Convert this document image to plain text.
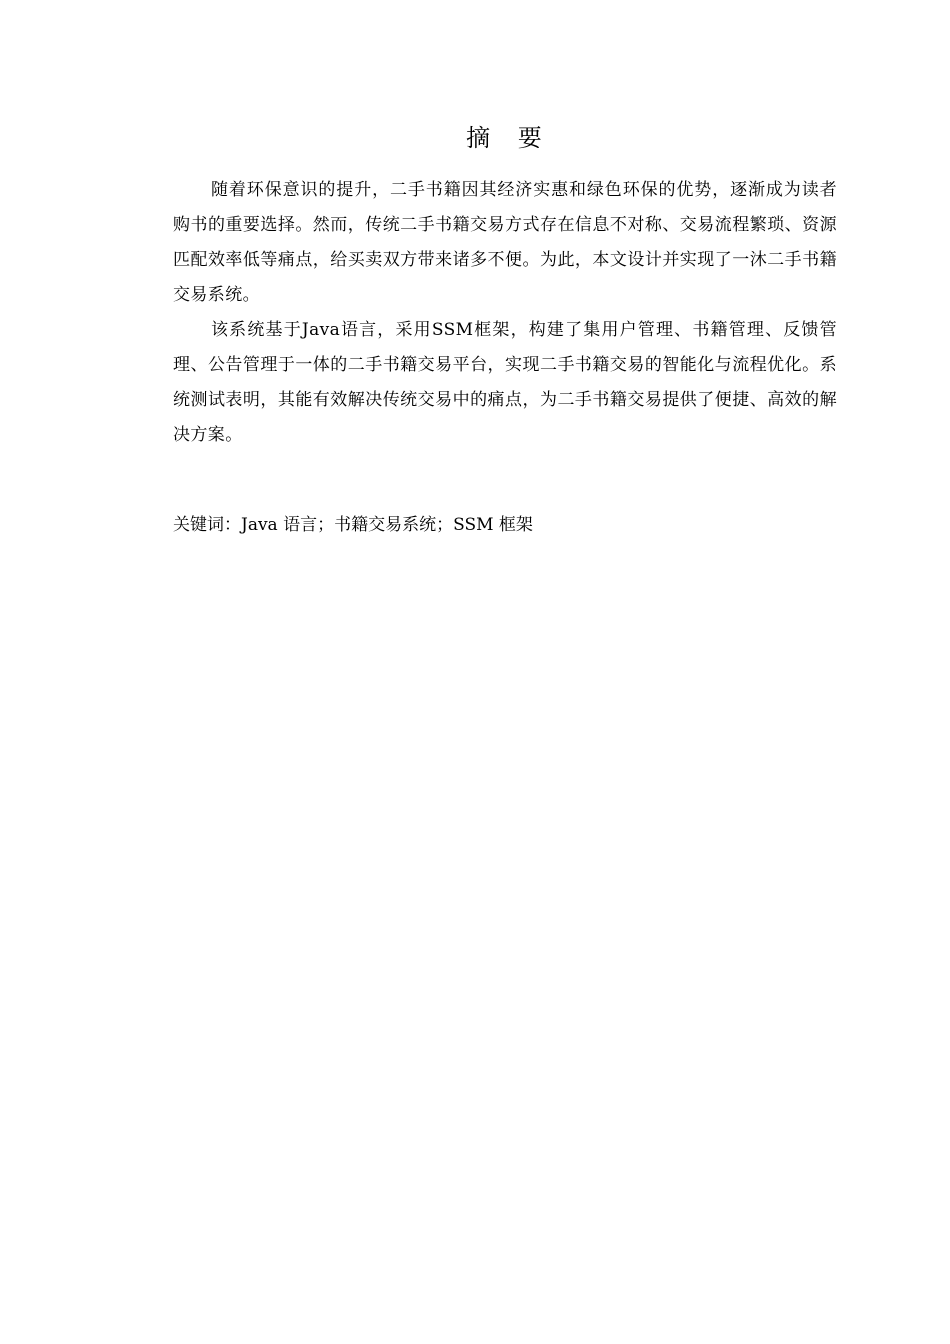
摘 要

随着环保意识的提升，二手书籍因其经济实惠和绿色环保的优势，逐渐成为读者购书的重要选择。然而，传统二手书籍交易方式存在信息不对称、交易流程繁琐、资源匹配效率低等痛点，给买卖双方带来诸多不便。为此，本文设计并实现了一沐二手书籍交易系统。

该系统基于Java语言，采用SSM框架，构建了集用户管理、书籍管理、反馈管理、公告管理于一体的二手书籍交易平台，实现二手书籍交易的智能化与流程优化。系统测试表明，其能有效解决传统交易中的痛点，为二手书籍交易提供了便捷、高效的解决方案。

关键词：Java 语言；书籍交易系统；SSM 框架
